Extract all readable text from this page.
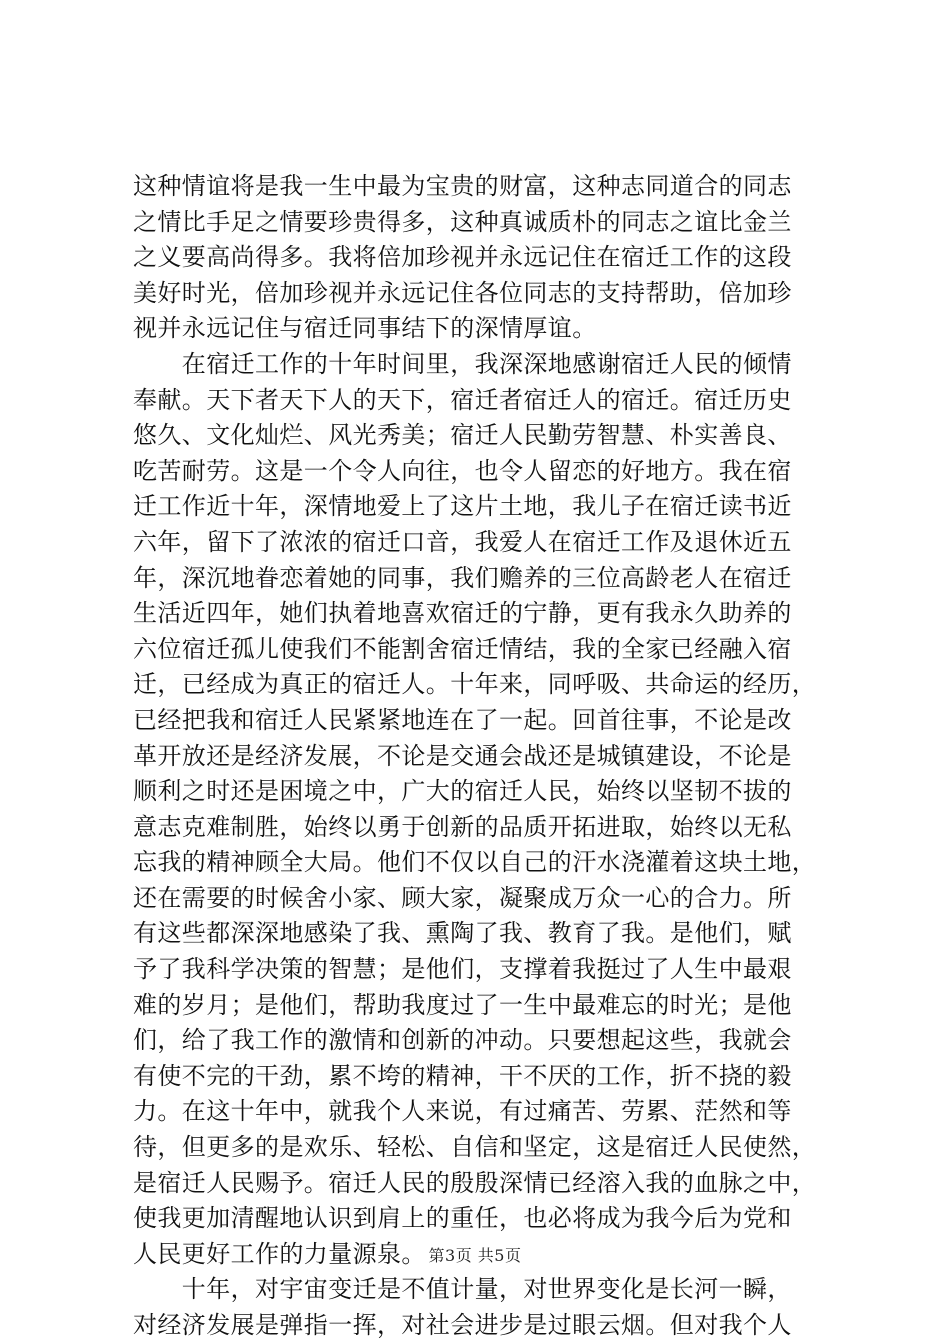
这种情谊将是我一生中最为宝贵的财富，这种志同道合的同志
之情比手足之情要珍贵得多，这种真诚质朴的同志之谊比金兰
之义要高尚得多。我将倍加珍视并永远记住在宿迁工作的这段
美好时光，倍加珍视并永远记住各位同志的支持帮助，倍加珍
视并永远记住与宿迁同事结下的深情厚谊。
　　在宿迁工作的十年时间里，我深深地感谢宿迁人民的倾情
奉献。天下者天下人的天下，宿迁者宿迁人的宿迁。宿迁历史
悠久、文化灿烂、风光秀美；宿迁人民勤劳智慧、朴实善良、
吃苦耐劳。这是一个令人向往，也令人留恋的好地方。我在宿
迁工作近十年，深情地爱上了这片土地，我儿子在宿迁读书近
六年，留下了浓浓的宿迁口音，我爱人在宿迁工作及退休近五
年，深沉地眷恋着她的同事，我们赡养的三位高龄老人在宿迁
生活近四年，她们执着地喜欢宿迁的宁静，更有我永久助养的
六位宿迁孤儿使我们不能割舍宿迁情结，我的全家已经融入宿
迁，已经成为真正的宿迁人。十年来，同呼吸、共命运的经历，
已经把我和宿迁人民紧紧地连在了一起。回首往事，不论是改
革开放还是经济发展，不论是交通会战还是城镇建设，不论是
顺利之时还是困境之中，广大的宿迁人民，始终以坚韧不拔的
意志克难制胜，始终以勇于创新的品质开拓进取，始终以无私
忘我的精神顾全大局。他们不仅以自己的汗水浇灌着这块土地，
还在需要的时候舍小家、顾大家，凝聚成万众一心的合力。所
有这些都深深地感染了我、熏陶了我、教育了我。是他们，赋
予了我科学决策的智慧；是他们，支撑着我挺过了人生中最艰
难的岁月；是他们，帮助我度过了一生中最难忘的时光；是他
们，给了我工作的激情和创新的冲动。只要想起这些，我就会
有使不完的干劲，累不垮的精神，干不厌的工作，折不挠的毅
力。在这十年中，就我个人来说，有过痛苦、劳累、茫然和等
待，但更多的是欢乐、轻松、自信和坚定，这是宿迁人民使然，
是宿迁人民赐予。宿迁人民的殷殷深情已经溶入我的血脉之中，
使我更加清醒地认识到肩上的重任，也必将成为我今后为党和
人民更好工作的力量源泉。
　　十年，对宇宙变迁是不值计量，对世界变化是长河一瞬，
对经济发展是弹指一挥，对社会进步是过眼云烟。但对我个人
第3页 共5页
